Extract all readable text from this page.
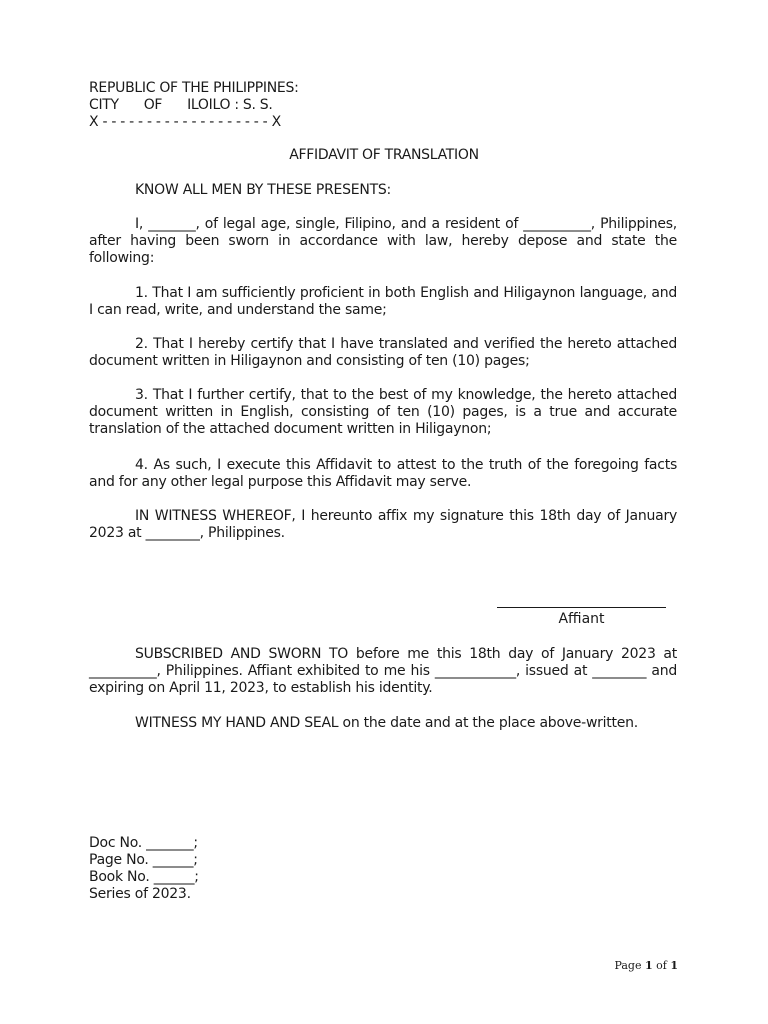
REPUBLIC OF THE PHILIPPINES:
CITY      OF      ILOILO : S. S.
X - - - - - - - - - - - - - - - - - - - X
AFFIDAVIT OF TRANSLATION
KNOW ALL MEN BY THESE PRESENTS:
I, _______, of legal age, single, Filipino, and a resident of __________, Philippines, after having been sworn in accordance with law, hereby depose and state the following:
1. That I am sufficiently proficient in both English and Hiligaynon language, and I can read, write, and understand the same;
2. That I hereby certify that I have translated and verified the hereto attached document written in Hiligaynon and consisting of ten (10) pages;
3. That I further certify, that to the best of my knowledge, the hereto attached document written in English, consisting of ten (10) pages, is a true and accurate translation of the attached document written in Hiligaynon;
4. As such, I execute this Affidavit to attest to the truth of the foregoing facts and for any other legal purpose this Affidavit may serve.
IN WITNESS WHEREOF, I hereunto affix my signature this 18th day of January 2023 at ________, Philippines.
Affiant
SUBSCRIBED AND SWORN TO before me this 18th day of January 2023 at __________, Philippines. Affiant exhibited to me his ____________, issued at ________ and expiring on April 11, 2023, to establish his identity.
WITNESS MY HAND AND SEAL on the date and at the place above-written.
Doc No. _______;
Page No. ______;
Book No. ______;
Series of 2023.
Page 1 of 1
